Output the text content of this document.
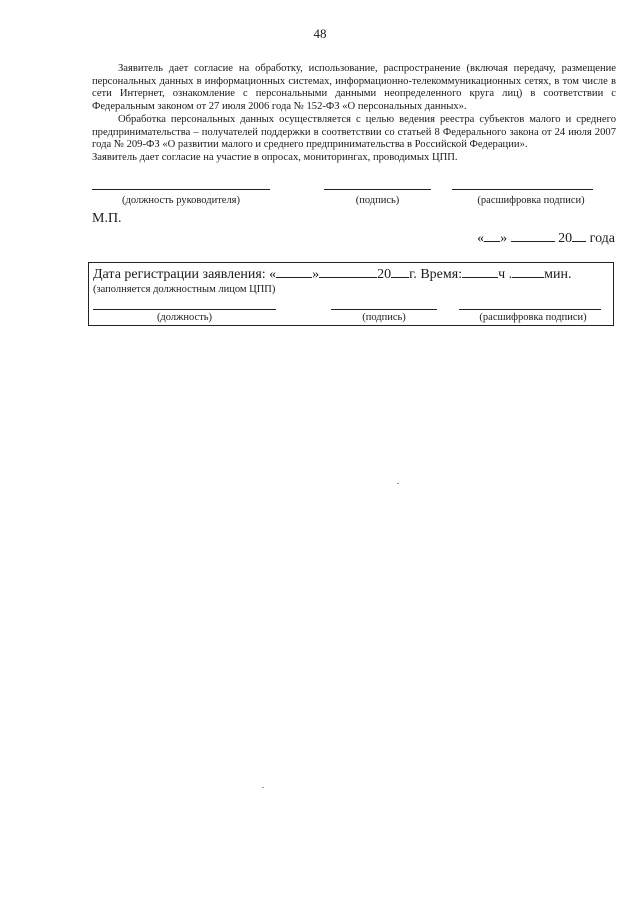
48
Заявитель дает согласие на обработку, использование, распространение (включая передачу, размещение персональных данных в информационных системах, информационно-телекоммуникационных сетях, в том числе в сети Интернет, ознакомление с персональными данными неопределенного круга лиц) в соответствии с Федеральным законом от 27 июля 2006 года № 152-ФЗ «О персональных данных».
Обработка персональных данных осуществляется с целью ведения реестра субъектов малого и среднего предпринимательства – получателей поддержки в соответствии со статьей 8 Федерального закона от 24 июля 2007 года № 209-ФЗ «О развитии малого и среднего предпринимательства в Российской Федерации».
Заявитель дает согласие на участие в опросах, мониторингах, проводимых ЦПП.
(должность руководителя)	(подпись)	(расшифровка подписи)
М.П.
« »	20 года
Дата регистрации заявления: «	»	20 г. Время:	ч . мин.
(заполняется должностным лицом ЦПП)
(должность)	(подпись)	(расшифровка подписи)
